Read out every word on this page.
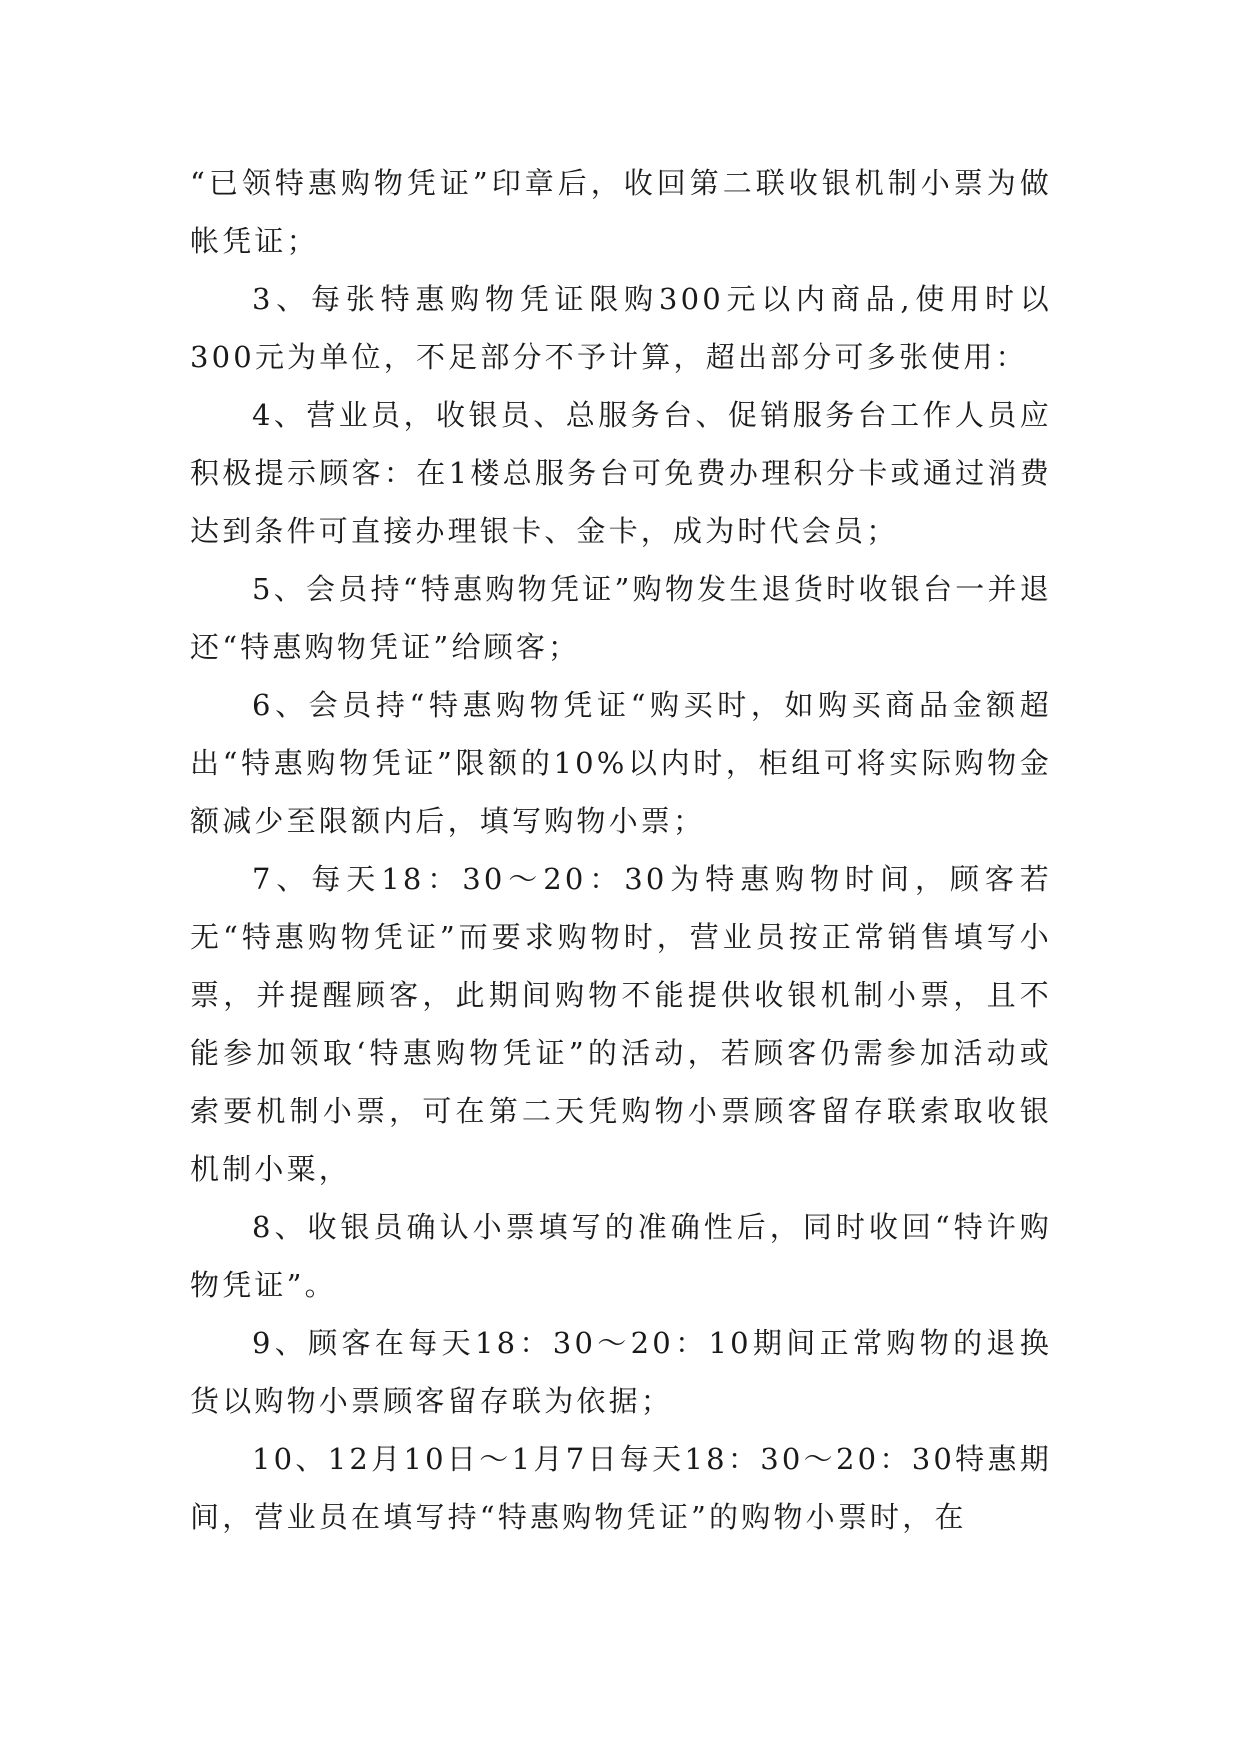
“已领特惠购物凭证”印章后，收回第二联收银机制小票为做帐凭证；

3、每张特惠购物凭证限购300元以内商品,使用时以300元为单位，不足部分不予计算，超出部分可多张使用：

4、营业员，收银员、总服务台、促销服务台工作人员应积极提示顾客：在1楼总服务台可免费办理积分卡或通过消费达到条件可直接办理银卡、金卡，成为时代会员；

5、会员持“特惠购物凭证”购物发生退货时收银台一并退还“特惠购物凭证”给顾客；

6、会员持“特惠购物凭证“购买时，如购买商品金额超出“特惠购物凭证”限额的10%以内时，柜组可将实际购物金额减少至限额内后，填写购物小票；

7、每天18：30～20：30为特惠购物时间，顾客若无“特惠购物凭证”而要求购物时，营业员按正常销售填写小票，并提醒顾客，此期间购物不能提供收银机制小票，且不能参加领取‘特惠购物凭证”的活动，若顾客仍需参加活动或索要机制小票，可在第二天凭购物小票顾客留存联索取收银机制小粟，

8、收银员确认小票填写的准确性后，同时收回“特许购物凭证”。

9、顾客在每天18：30～20：10期间正常购物的退换货以购物小票顾客留存联为依据；

10、12月10日～1月7日每天18：30～20：30特惠期间，营业员在填写持“特惠购物凭证”的购物小票时，在
